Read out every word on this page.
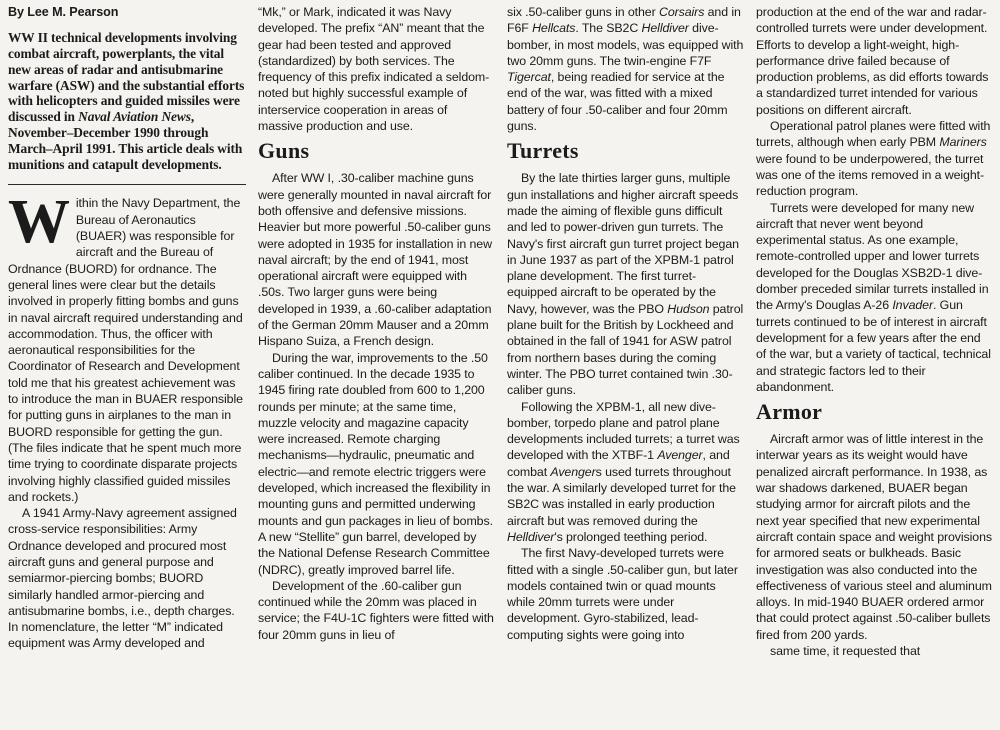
By Lee M. Pearson
WW II technical developments involving combat aircraft, powerplants, the vital new areas of radar and antisubmarine warfare (ASW) and the substantial efforts with helicopters and guided missiles were discussed in Naval Aviation News, November–December 1990 through March–April 1991. This article deals with munitions and catapult developments.

Within the Navy Department, the Bureau of Aeronautics (BUAER) was responsible for aircraft and the Bureau of Ordnance (BUORD) for ordnance. The general lines were clear but the details involved in properly fitting bombs and guns in naval aircraft required understanding and accommodation. Thus, the officer with aeronautical responsibilities for the Coordinator of Research and Development told me that his greatest achievement was to introduce the man in BUAER responsible for putting guns in airplanes to the man in BUORD responsible for getting the gun. (The files indicate that he spent much more time trying to coordinate disparate projects involving highly classified guided missiles and rockets.)

A 1941 Army-Navy agreement assigned cross-service responsibilities: Army Ordnance developed and procured most aircraft guns and general purpose and semiarmor-piercing bombs; BUORD similarly handled armor-piercing and antisubmarine bombs, i.e., depth charges. In nomenclature, the letter “M” indicated equipment was Army developed and

“Mk,” or Mark, indicated it was Navy developed. The prefix “AN” meant that the gear had been tested and approved (standardized) by both services. The frequency of this prefix indicated a seldom-noted but highly successful example of interservice cooperation in areas of massive production and use.

Guns

After WW I, .30-caliber machine guns were generally mounted in naval aircraft for both offensive and defensive missions. Heavier but more powerful .50-caliber guns were adopted in 1935 for installation in new naval aircraft; by the end of 1941, most operational aircraft were equipped with .50s. Two larger guns were being developed in 1939, a .60-caliber adaptation of the German 20mm Mauser and a 20mm Hispano Suiza, a French design.

During the war, improvements to the .50 caliber continued. In the decade 1935 to 1945 firing rate doubled from 600 to 1,200 rounds per minute; at the same time, muzzle velocity and magazine capacity were increased. Remote charging mechanisms—hydraulic, pneumatic and electric—and remote electric triggers were developed, which increased the flexibility in mounting guns and permitted underwing mounts and gun packages in lieu of bombs. A new “Stellite” gun barrel, developed by the National Defense Research Committee (NDRC), greatly improved barrel life.

Development of the .60-caliber gun continued while the 20mm was placed in service; the F4U-1C fighters were fitted with four 20mm guns in lieu of

six .50-caliber guns in other Corsairs and in F6F Hellcats. The SB2C Helldiver dive-bomber, in most models, was equipped with two 20mm guns. The twin-engine F7F Tigercat, being readied for service at the end of the war, was fitted with a mixed battery of four .50-caliber and four 20mm guns.

Turrets

By the late thirties larger guns, multiple gun installations and higher aircraft speeds made the aiming of flexible guns difficult and led to power-driven gun turrets. The Navy's first aircraft gun turret project began in June 1937 as part of the XPBM-1 patrol plane development. The first turret-equipped aircraft to be operated by the Navy, however, was the PBO Hudson patrol plane built for the British by Lockheed and obtained in the fall of 1941 for ASW patrol from northern bases during the coming winter. The PBO turret contained twin .30-caliber guns.

Following the XPBM-1, all new dive-bomber, torpedo plane and patrol plane developments included turrets; a turret was developed with the XTBF-1 Avenger, and combat Avengers used turrets throughout the war. A similarly developed turret for the SB2C was installed in early production aircraft but was removed during the Helldiver's prolonged teething period.

The first Navy-developed turrets were fitted with a single .50-caliber gun, but later models contained twin or quad mounts while 20mm turrets were under development. Gyro-stabilized, lead-computing sights were going into

production at the end of the war and radar-controlled turrets were under development. Efforts to develop a light-weight, high-performance drive failed because of production problems, as did efforts towards a standardized turret intended for various positions on different aircraft.

Operational patrol planes were fitted with turrets, although when early PBM Mariners were found to be underpowered, the turret was one of the items removed in a weight-reduction program.

Turrets were developed for many new aircraft that never went beyond experimental status. As one example, remote-controlled upper and lower turrets developed for the Douglas XSB2D-1 dive-domber preceded similar turrets installed in the Army's Douglas A-26 Invader. Gun turrets continued to be of interest in aircraft development for a few years after the end of the war, but a variety of tactical, technical and strategic factors led to their abandonment.

Armor

Aircraft armor was of little interest in the interwar years as its weight would have penalized aircraft performance. In 1938, as war shadows darkened, BUAER began studying armor for aircraft pilots and the next year specified that new experimental aircraft contain space and weight provisions for armored seats or bulkheads. Basic investigation was also conducted into the effectiveness of various steel and aluminum alloys. In mid-1940 BUAER ordered armor that could protect against .50-caliber bullets fired from 200 yards.

same time, it requested that
